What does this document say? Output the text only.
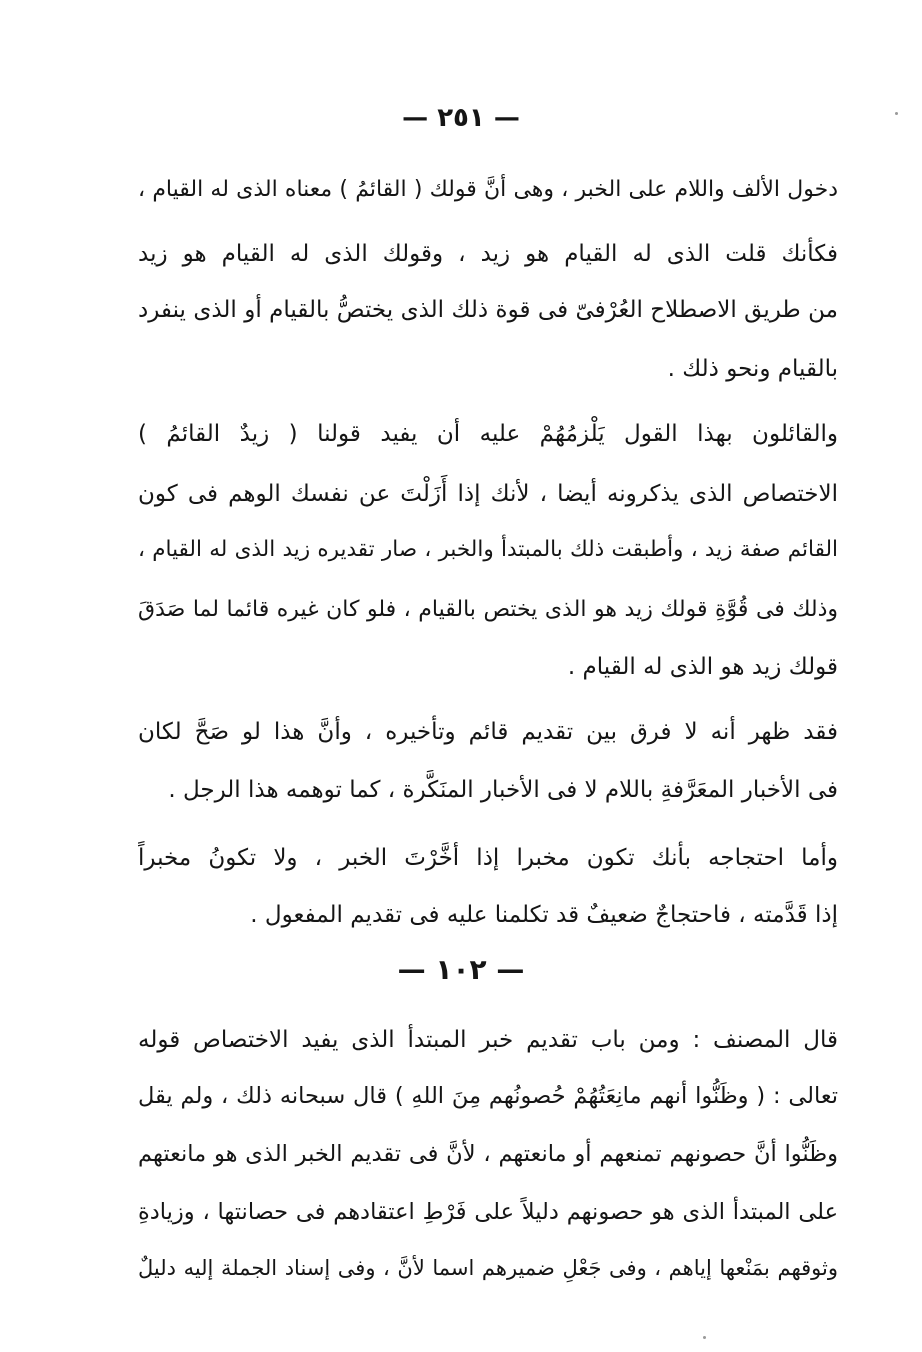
— ٢٥١ —
دخول الألف واللام على الخبر ، وهى أنَّ قولك ( القائمُ ) معناه الذى له القيام ،
فكأنك قلت الذى له القيام هو زيد ، وقولك الذى له القيام هو زيد
من طريق الاصطلاح العُرْفىّ فى قوة ذلك الذى يختصُّ بالقيام أو الذى ينفرد
بالقيام ونحو ذلك .
والقائلون بهذا القول يَلْزمُهُمْ عليه أن يفيد قولنا ( زيدٌ القائمُ )
الاختصاص الذى يذكرونه أيضا ، لأنك إذا أَزَلْتَ عن نفسك الوهم فى كون
القائم صفة زيد ، وأطبقت ذلك بالمبتدأ والخبر ، صار تقديره زيد الذى له القيام ،
وذلك فى قُوَّةِ قولك زيد هو الذى يختص بالقيام ، فلو كان غيره قائما لما صَدَقَ
قولك زيد هو الذى له القيام .
فقد ظهر أنه لا فرق بين تقديم قائم وتأخيره ، وأنَّ هذا لو صَحَّ لكان
فى الأخبار المعَرَّفةِ باللام لا فى الأخبار المنَكَّرة ، كما توهمه هذا الرجل .
وأما احتجاجه بأنك تكون مخبرا إذا أخَّرْتَ الخبر ، ولا تكونُ مخبراً
إذا قَدَّمته ، فاحتجاجٌ ضعيفٌ قد تكلمنا عليه فى تقديم المفعول .
— ١٠٢ —
قال المصنف : ومن باب تقديم خبر المبتدأ الذى يفيد الاختصاص قوله
تعالى : ( وظَنُّوا أنهم مانِعَتُهُمْ حُصونُهم مِنَ اللهِ ) قال سبحانه ذلك ، ولم يقل
وظَنُّوا أنَّ حصونهم تمنعهم أو مانعتهم ، لأنَّ فى تقديم الخبر الذى هو مانعتهم
على المبتدأ الذى هو حصونهم دليلاً على فَرْطِ اعتقادهم فى حصانتها ، وزيادةِ
وثوقهم بمَنْعها إياهم ، وفى جَعْلِ ضميرهم اسما لأنَّ ، وفى إسناد الجملة إليه دليلٌ
